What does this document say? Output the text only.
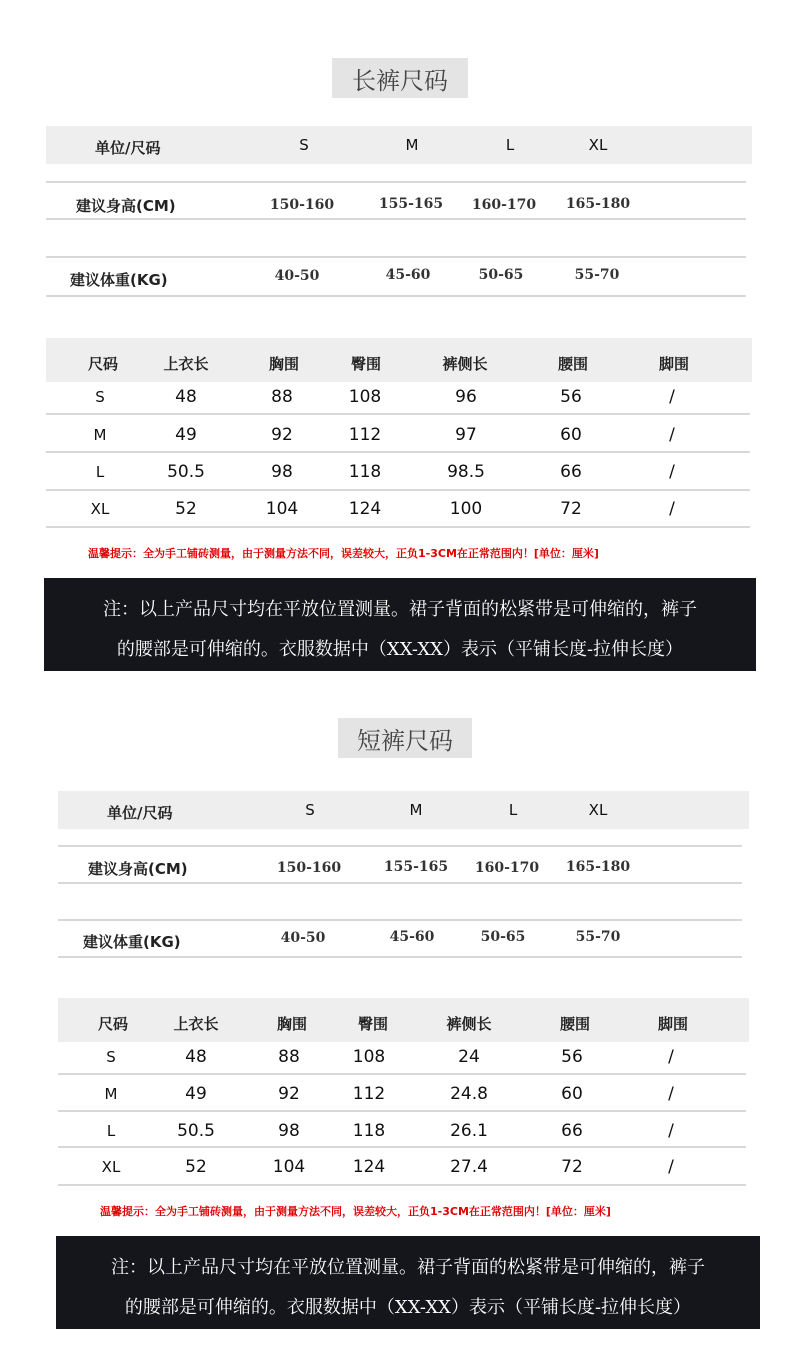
长裤尺码
单位/尺码	S	M	L	XL
建议身高(CM)	150-160	155-165 160-170 165-180
建议体重(KG)	40-50	45-60	50-65	55-70
尺码	上衣长	胸围	臀围	裤侧长	腰围	脚围
S	48	88	108	96	56	/
M	49	92	112	97	60	/
L	50.5	98	118	98.5	66	/
XL	52	104	124	100	72	/
温馨提示：全为手工铺砖测量，由于测量方法不同，误差较大，正负1-3CM在正常范围内！[单位：厘米]
注：以上产品尺寸均在平放位置测量。裙子背面的松紧带是可伸缩的，裤子
的腰部是可伸缩的。衣服数据中（XX-XX）表示（平铺长度-拉伸长度）
短裤尺码
单位/尺码	S	M	L	XL
建议身高(CM)	150-160	155-165 160-170 165-180
建议体重(KG)	40-50	45-60	50-65	55-70
尺码	上衣长	胸围	臀围	裤侧长	腰围	脚围
S	48	88	108	24	56	/
M	49	92	112	24.8	60	/
L	50.5	98	118	26.1	66	/
XL	52	104	124	27.4	72	/
温馨提示：全为手工铺砖测量，由于测量方法不同，误差较大，正负1-3CM在正常范围内！[单位：厘米]
注：以上产品尺寸均在平放位置测量。裙子背面的松紧带是可伸缩的，裤子
的腰部是可伸缩的。衣服数据中（XX-XX）表示（平铺长度-拉伸长度）
